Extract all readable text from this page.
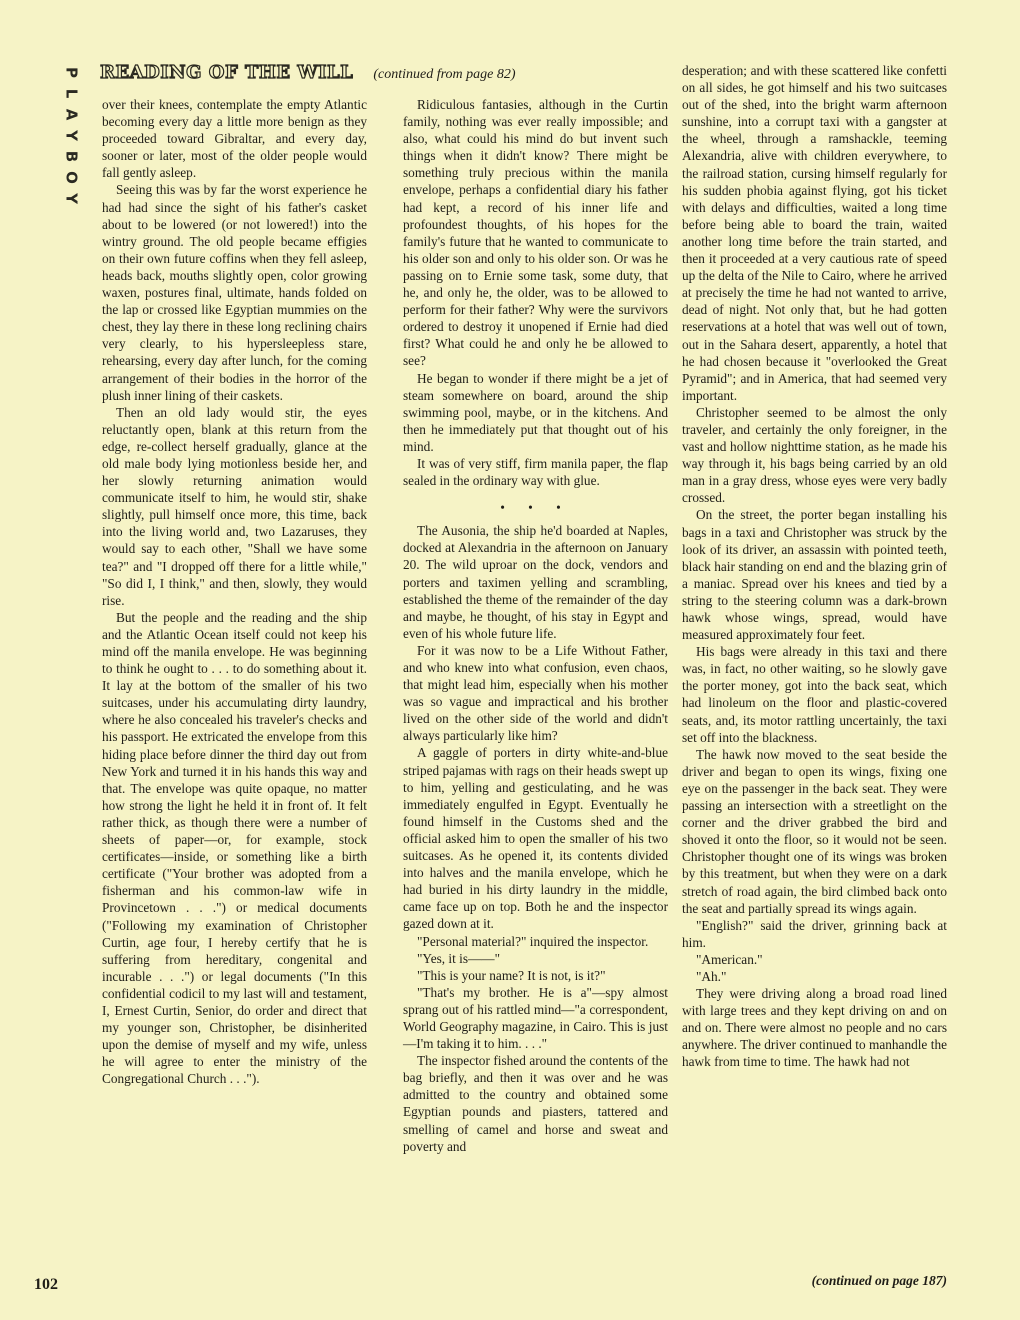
P
L
A
Y
B
O
Y
READING OF THE WILL (continued from page 82)

over their knees, contemplate the empty Atlantic becoming every day a little more benign as they proceeded toward Gibraltar, and every day, sooner or later, most of the older people would fall gently asleep.

Seeing this was by far the worst experience he had had since the sight of his father's casket about to be lowered (or not lowered!) into the wintry ground. The old people became effigies on their own future coffins when they fell asleep, heads back, mouths slightly open, color growing waxen, postures final, ultimate, hands folded on the lap or crossed like Egyptian mummies on the chest, they lay there in these long reclining chairs very clearly, to his hypersleepless stare, rehearsing, every day after lunch, for the coming arrangement of their bodies in the horror of the plush inner lining of their caskets.

Then an old lady would stir, the eyes reluctantly open, blank at this return from the edge, re-collect herself gradually, glance at the old male body lying motionless beside her, and her slowly returning animation would communicate itself to him, he would stir, shake slightly, pull himself once more, this time, back into the living world and, two Lazaruses, they would say to each other, "Shall we have some tea?" and "I dropped off there for a little while," "So did I, I think," and then, slowly, they would rise.

But the people and the reading and the ship and the Atlantic Ocean itself could not keep his mind off the manila envelope. He was beginning to think he ought to . . . to do something about it. It lay at the bottom of the smaller of his two suitcases, under his accumulating dirty laundry, where he also concealed his traveler's checks and his passport. He extricated the envelope from this hiding place before dinner the third day out from New York and turned it in his hands this way and that. The envelope was quite opaque, no matter how strong the light he held it in front of. It felt rather thick, as though there were a number of sheets of paper—or, for example, stock certificates—inside, or something like a birth certificate ("Your brother was adopted from a fisherman and his common-law wife in Provincetown . . .") or medical documents ("Following my examination of Christopher Curtin, age four, I hereby certify that he is suffering from hereditary, congenital and incurable . . .") or legal documents ("In this confidential codicil to my last will and testament, I, Ernest Curtin, Senior, do order and direct that my younger son, Christopher, be disinherited upon the demise of myself and my wife, unless he will agree to enter the ministry of the Congregational Church . . .").

Ridiculous fantasies, although in the Curtin family, nothing was ever really impossible; and also, what could his mind do but invent such things when it didn't know? There might be something truly precious within the manila envelope, perhaps a confidential diary his father had kept, a record of his inner life and profoundest thoughts, of his hopes for the family's future that he wanted to communicate to his older son and only to his older son. Or was he passing on to Ernie some task, some duty, that he, and only he, the older, was to be allowed to perform for their father? Why were the survivors ordered to destroy it unopened if Ernie had died first? What could he and only he be allowed to see?

He began to wonder if there might be a jet of steam somewhere on board, around the ship swimming pool, maybe, or in the kitchens. And then he immediately put that thought out of his mind.

It was of very stiff, firm manila paper, the flap sealed in the ordinary way with glue.

• • •

The Ausonia, the ship he'd boarded at Naples, docked at Alexandria in the afternoon on January 20. The wild uproar on the dock, vendors and porters and taximen yelling and scrambling, established the theme of the remainder of the day and maybe, he thought, of his stay in Egypt and even of his whole future life.

For it was now to be a Life Without Father, and who knew into what confusion, even chaos, that might lead him, especially when his mother was so vague and impractical and his brother lived on the other side of the world and didn't always particularly like him?

A gaggle of porters in dirty white-and-blue striped pajamas with rags on their heads swept up to him, yelling and gesticulating, and he was immediately engulfed in Egypt. Eventually he found himself in the Customs shed and the official asked him to open the smaller of his two suitcases. As he opened it, its contents divided into halves and the manila envelope, which he had buried in his dirty laundry in the middle, came face up on top. Both he and the inspector gazed down at it.

"Personal material?" inquired the inspector.

"Yes, it is——"

"This is your name? It is not, is it?"

"That's my brother. He is a"—spy almost sprang out of his rattled mind—"a correspondent, World Geography magazine, in Cairo. This is just—I'm taking it to him. . . ."

The inspector fished around the contents of the bag briefly, and then it was over and he was admitted to the country and obtained some Egyptian pounds and piasters, tattered and smelling of camel and horse and sweat and poverty and

desperation; and with these scattered like confetti on all sides, he got himself and his two suitcases out of the shed, into the bright warm afternoon sunshine, into a corrupt taxi with a gangster at the wheel, through a ramshackle, teeming Alexandria, alive with children everywhere, to the railroad station, cursing himself regularly for his sudden phobia against flying, got his ticket with delays and difficulties, waited a long time before being able to board the train, waited another long time before the train started, and then it proceeded at a very cautious rate of speed up the delta of the Nile to Cairo, where he arrived at precisely the time he had not wanted to arrive, dead of night. Not only that, but he had gotten reservations at a hotel that was well out of town, out in the Sahara desert, apparently, a hotel that he had chosen because it "overlooked the Great Pyramid"; and in America, that had seemed very important.

Christopher seemed to be almost the only traveler, and certainly the only foreigner, in the vast and hollow nighttime station, as he made his way through it, his bags being carried by an old man in a gray dress, whose eyes were very badly crossed.

On the street, the porter began installing his bags in a taxi and Christopher was struck by the look of its driver, an assassin with pointed teeth, black hair standing on end and the blazing grin of a maniac. Spread over his knees and tied by a string to the steering column was a dark-brown hawk whose wings, spread, would have measured approximately four feet.

His bags were already in this taxi and there was, in fact, no other waiting, so he slowly gave the porter money, got into the back seat, which had linoleum on the floor and plastic-covered seats, and, its motor rattling uncertainly, the taxi set off into the blackness.

The hawk now moved to the seat beside the driver and began to open its wings, fixing one eye on the passenger in the back seat. They were passing an intersection with a streetlight on the corner and the driver grabbed the bird and shoved it onto the floor, so it would not be seen. Christopher thought one of its wings was broken by this treatment, but when they were on a dark stretch of road again, the bird climbed back onto the seat and partially spread its wings again.

"English?" said the driver, grinning back at him.

"American."

"Ah."

They were driving along a broad road lined with large trees and they kept driving on and on and on. There were almost no people and no cars anywhere. The driver continued to manhandle the hawk from time to time. The hawk had not

(continued on page 187)
102
